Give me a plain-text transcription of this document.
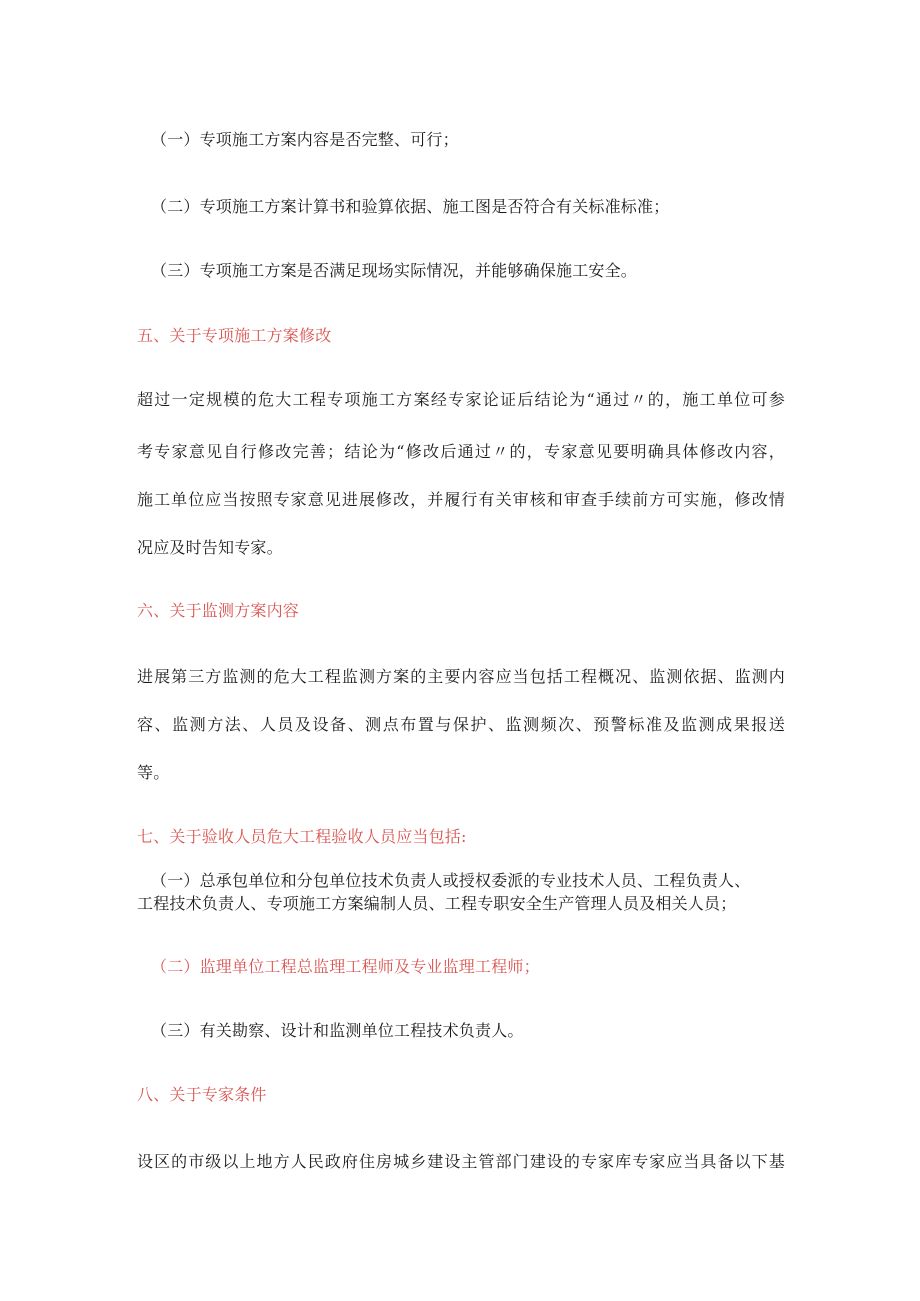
（一）专项施工方案内容是否完整、可行；
（二）专项施工方案计算书和验算依据、施工图是否符合有关标准标准；
（三）专项施工方案是否满足现场实际情况，并能够确保施工安全。
五、关于专项施工方案修改
超过一定规模的危大工程专项施工方案经专家论证后结论为“通过〃的，施工单位可参
考专家意见自行修改完善；结论为“修改后通过〃的，专家意见要明确具体修改内容，
施工单位应当按照专家意见进展修改，并履行有关审核和审查手续前方可实施，修改情
况应及时告知专家。
六、关于监测方案内容
进展第三方监测的危大工程监测方案的主要内容应当包括工程概况、监测依据、监测内
容、监测方法、人员及设备、测点布置与保护、监测频次、预警标准及监测成果报送
等。
七、关于验收人员危大工程验收人员应当包括:
（一）总承包单位和分包单位技术负责人或授权委派的专业技术人员、工程负责人、
工程技术负责人、专项施工方案编制人员、工程专职安全生产管理人员及相关人员；
（二）监理单位工程总监理工程师及专业监理工程师；
（三）有关勘察、设计和监测单位工程技术负责人。
八、关于专家条件
设区的市级以上地方人民政府住房城乡建设主管部门建设的专家库专家应当具备以下基
